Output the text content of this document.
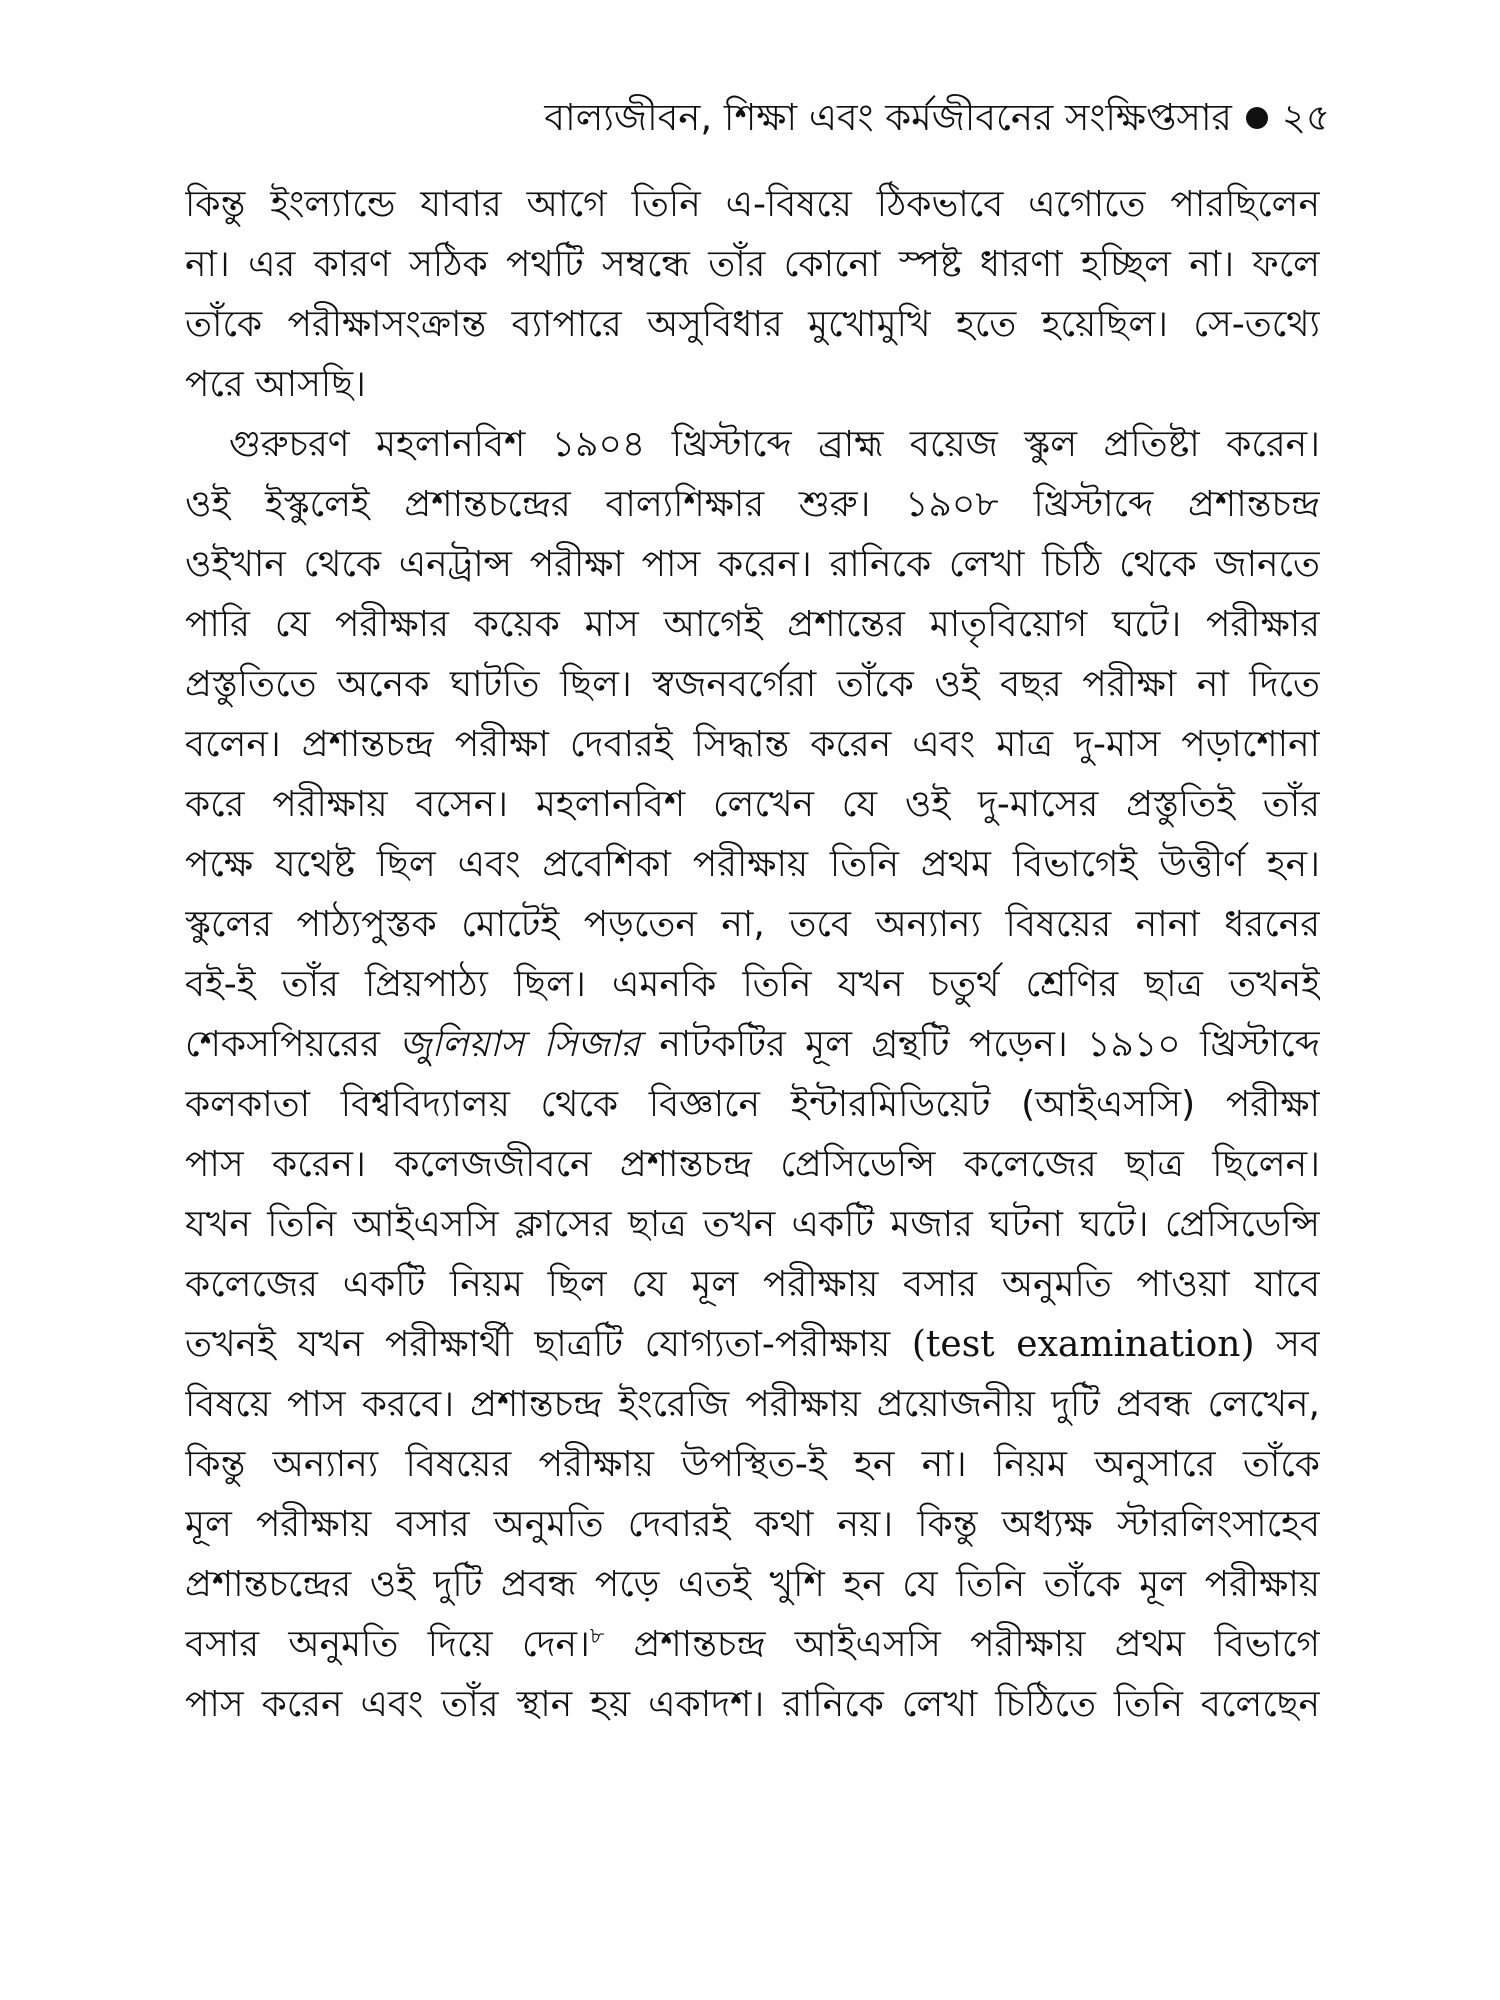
বাল্যজীবন, শিক্ষা এবং কর্মজীবনের সংক্ষিপ্তসার ২৫
কিন্তু ইংল্যান্ডে যাবার আগে তিনি এ-বিষয়ে ঠিকভাবে এগোতে পারছিলেন
না। এর কারণ সঠিক পথটি সম্বন্ধে তাঁর কোনো স্পষ্ট ধারণা হচ্ছিল না। ফলে
তাঁকে পরীক্ষাসংক্রান্ত ব্যাপারে অসুবিধার মুখোমুখি হতে হয়েছিল। সে-তথ্যে
পরে আসছি।
গুরুচরণ মহলানবিশ ১৯০৪ খ্রিস্টাব্দে ব্রাহ্ম বয়েজ স্কুল প্রতিষ্টা করেন।
ওই ইস্কুলেই প্রশান্তচন্দ্রের বাল্যশিক্ষার শুরু। ১৯০৮ খ্রিস্টাব্দে প্রশান্তচন্দ্র
ওইখান থেকে এনট্রান্স পরীক্ষা পাস করেন। রানিকে লেখা চিঠি থেকে জানতে
পারি যে পরীক্ষার কয়েক মাস আগেই প্রশান্তের মাতৃবিয়োগ ঘটে। পরীক্ষার
প্রস্তুতিতে অনেক ঘাটতি ছিল। স্বজনবর্গেরা তাঁকে ওই বছর পরীক্ষা না দিতে
বলেন। প্রশান্তচন্দ্র পরীক্ষা দেবারই সিদ্ধান্ত করেন এবং মাত্র দু-মাস পড়াশোনা
করে পরীক্ষায় বসেন। মহলানবিশ লেখেন যে ওই দু-মাসের প্রস্তুতিই তাঁর
পক্ষে যথেষ্ট ছিল এবং প্রবেশিকা পরীক্ষায় তিনি প্রথম বিভাগেই উত্তীর্ণ হন।
স্কুলের পাঠ্যপুস্তক মোটেই পড়তেন না, তবে অন্যান্য বিষয়ের নানা ধরনের
বই-ই তাঁর প্রিয়পাঠ্য ছিল। এমনকি তিনি যখন চতুর্থ শ্রেণির ছাত্র তখনই
শেকসপিয়রের জুলিয়াস সিজার নাটকটির মূল গ্রন্থটি পড়েন। ১৯১০ খ্রিস্টাব্দে
কলকাতা বিশ্ববিদ্যালয় থেকে বিজ্ঞানে ইন্টারমিডিয়েট (আইএসসি) পরীক্ষা
পাস করেন। কলেজজীবনে প্রশান্তচন্দ্র প্রেসিডেন্সি কলেজের ছাত্র ছিলেন।
যখন তিনি আইএসসি ক্লাসের ছাত্র তখন একটি মজার ঘটনা ঘটে। প্রেসিডেন্সি
কলেজের একটি নিয়ম ছিল যে মূল পরীক্ষায় বসার অনুমতি পাওয়া যাবে
তখনই যখন পরীক্ষার্থী ছাত্রটি যোগ্যতা-পরীক্ষায় (test examination) সব
বিষয়ে পাস করবে। প্রশান্তচন্দ্র ইংরেজি পরীক্ষায় প্রয়োজনীয় দুটি প্রবন্ধ লেখেন,
কিন্তু অন্যান্য বিষয়ের পরীক্ষায় উপস্থিত-ই হন না। নিয়ম অনুসারে তাঁকে
মূল পরীক্ষায় বসার অনুমতি দেবারই কথা নয়। কিন্তু অধ্যক্ষ স্টারলিংসাহেব
প্রশান্তচন্দ্রের ওই দুটি প্রবন্ধ পড়ে এতই খুশি হন যে তিনি তাঁকে মূল পরীক্ষায়
বসার অনুমতি দিয়ে দেন।$^৮$ প্রশান্তচন্দ্র আইএসসি পরীক্ষায় প্রথম বিভাগে
পাস করেন এবং তাঁর স্থান হয় একাদশ। রানিকে লেখা চিঠিতে তিনি বলেছেন
